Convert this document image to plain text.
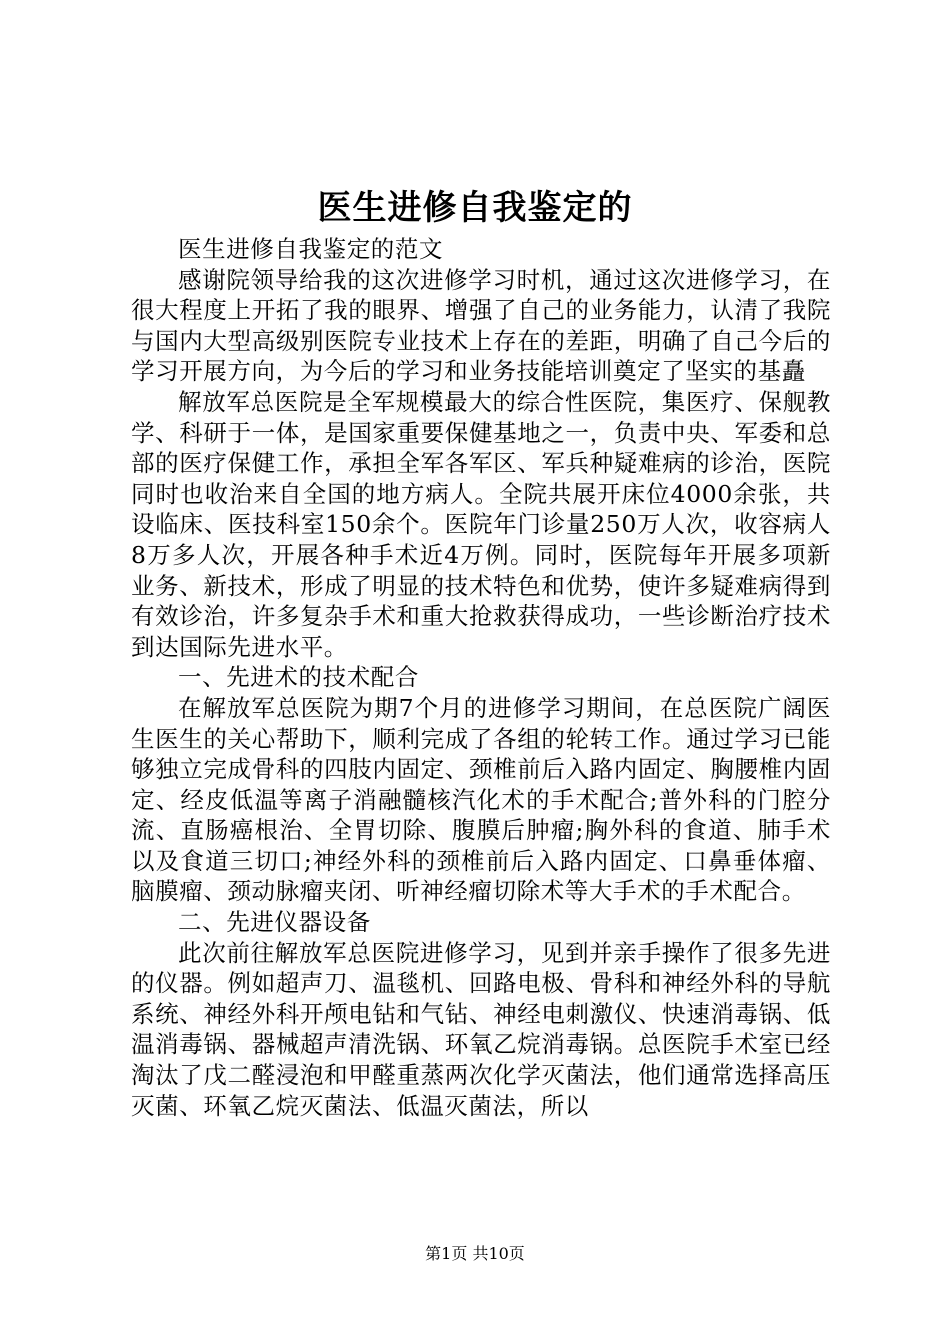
医生进修自我鉴定的

医生进修自我鉴定的范文

感谢院领导给我的这次进修学习时机，通过这次进修学习，在很大程度上开拓了我的眼界、增强了自己的业务能力，认清了我院与国内大型高级别医院专业技术上存在的差距，明确了自己今后的学习开展方向，为今后的学习和业务技能培训奠定了坚实的基矗

解放军总医院是全军规模最大的综合性医院，集医疗、保舰教学、科研于一体，是国家重要保健基地之一，负责中央、军委和总部的医疗保健工作，承担全军各军区、军兵种疑难病的诊治，医院同时也收治来自全国的地方病人。全院共展开床位4000余张，共设临床、医技科室150余个。医院年门诊量250万人次，收容病人8万多人次，开展各种手术近4万例。同时，医院每年开展多项新业务、新技术，形成了明显的技术特色和优势，使许多疑难病得到有效诊治，许多复杂手术和重大抢救获得成功，一些诊断治疗技术到达国际先进水平。

一、先进术的技术配合

在解放军总医院为期7个月的进修学习期间，在总医院广阔医生医生的关心帮助下，顺利完成了各组的轮转工作。通过学习已能够独立完成骨科的四肢内固定、颈椎前后入路内固定、胸腰椎内固定、经皮低温等离子消融髓核汽化术的手术配合;普外科的门腔分流、直肠癌根治、全胃切除、腹膜后肿瘤;胸外科的食道、肺手术以及食道三切口;神经外科的颈椎前后入路内固定、口鼻垂体瘤、脑膜瘤、颈动脉瘤夹闭、听神经瘤切除术等大手术的手术配合。

二、先进仪器设备

此次前往解放军总医院进修学习，见到并亲手操作了很多先进的仪器。例如超声刀、温毯机、回路电极、骨科和神经外科的导航系统、神经外科开颅电钻和气钻、神经电刺激仪、快速消毒锅、低温消毒锅、器械超声清洗锅、环氧乙烷消毒锅。总医院手术室已经淘汰了戊二醛浸泡和甲醛重蒸两次化学灭菌法，他们通常选择高压灭菌、环氧乙烷灭菌法、低温灭菌法，所以

第1页 共10页
